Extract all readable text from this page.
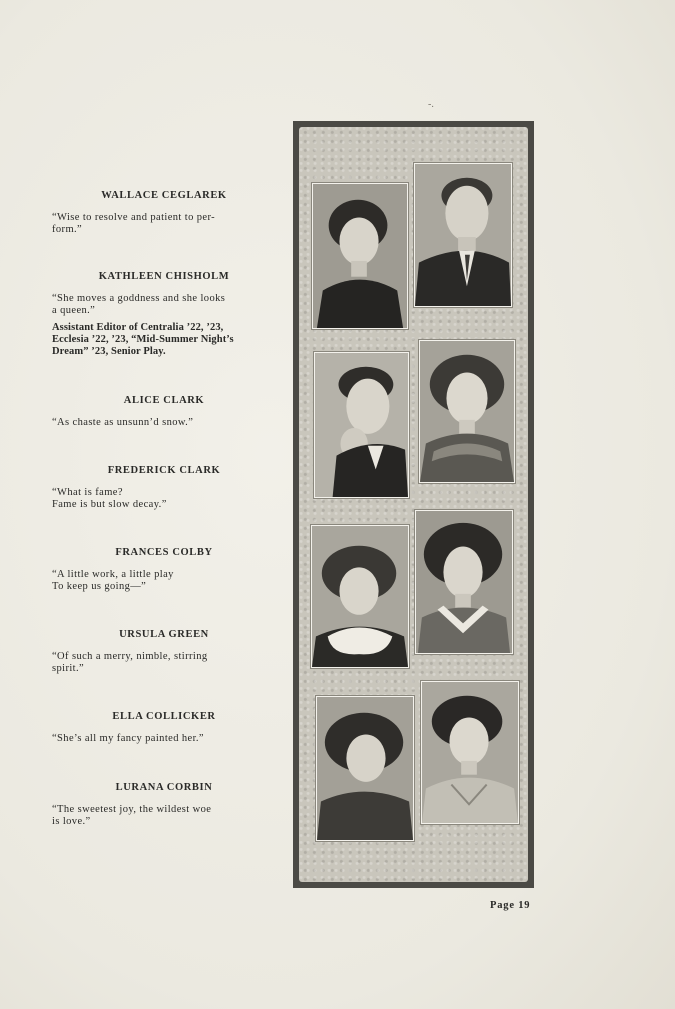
WALLACE CEGLAREK
“Wise to resolve and patient to per-
form.”
KATHLEEN CHISHOLM
“She moves a goddness and she looks
a queen.”
Assistant Editor of Centralia ’22, ’23,
Ecclesia ’22, ’23, “Mid-Summer Night’s
Dream” ’23, Senior Play.
ALICE CLARK
“As chaste as unsunn’d snow.”
FREDERICK CLARK
“What is fame?
Fame is but slow decay.”
FRANCES COLBY
“A little work, a little play
To keep us going—”
URSULA GREEN
“Of such a merry, nimble, stirring
spirit.”
ELLA COLLICKER
“She’s all my fancy painted her.”
LURANA CORBIN
“The sweetest joy, the wildest woe
is love.”
-.
Page 19
